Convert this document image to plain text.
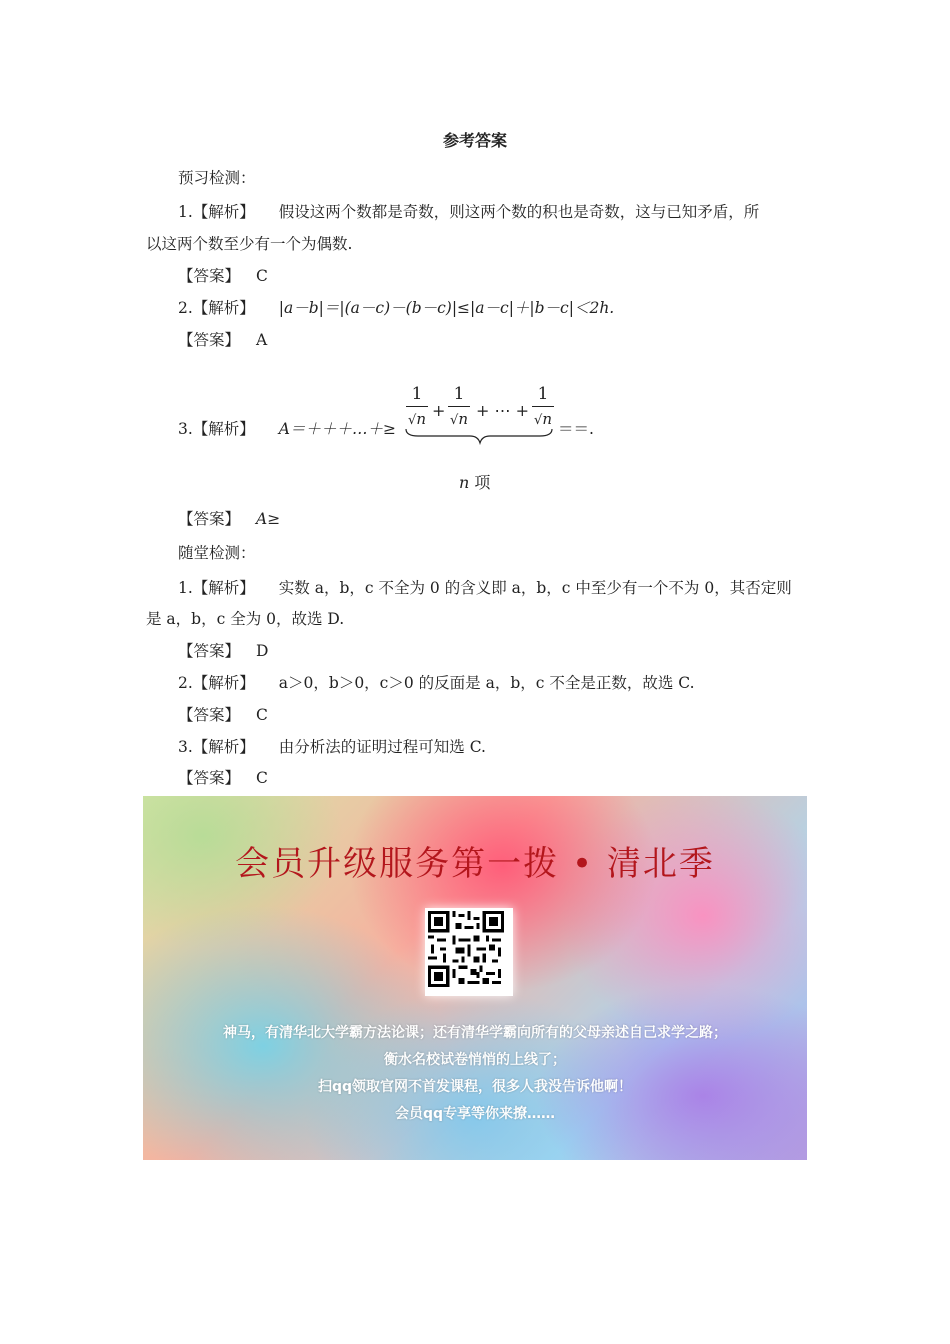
参考答案
预习检测：
1.【解析】 假设这两个数都是奇数，则这两个数的积也是奇数，这与已知矛盾，所
以这两个数至少有一个为偶数.
【答案】 C
2.【解析】 |a－b|＝|(a－c)－(b－c)|≤|a－c|＋|b－c|＜2h.
【答案】 A
3.【解析】 A＝＋＋＋…＋≥
1
√n +
1
√n + ⋯ +
1
√n
＝＝.
n 项
【答案】 A≥
随堂检测：
1.【解析】 实数 a，b，c 不全为 0 的含义即 a，b，c 中至少有一个不为 0，其否定则
是 a，b，c 全为 0，故选 D.
【答案】 D
2.【解析】 a＞0，b＞0，c＞0 的反面是 a，b，c 不全是正数，故选 C.
【答案】 C
3.【解析】 由分析法的证明过程可知选 C.
【答案】 C
会员升级服务第一拨 • 清北季
神马，有清华北大学霸方法论课；还有清华学霸向所有的父母亲述自己求学之路；
衡水名校试卷悄悄的上线了；
扫qq领取官网不首发课程，很多人我没告诉他啊！
会员qq专享等你来撩……
